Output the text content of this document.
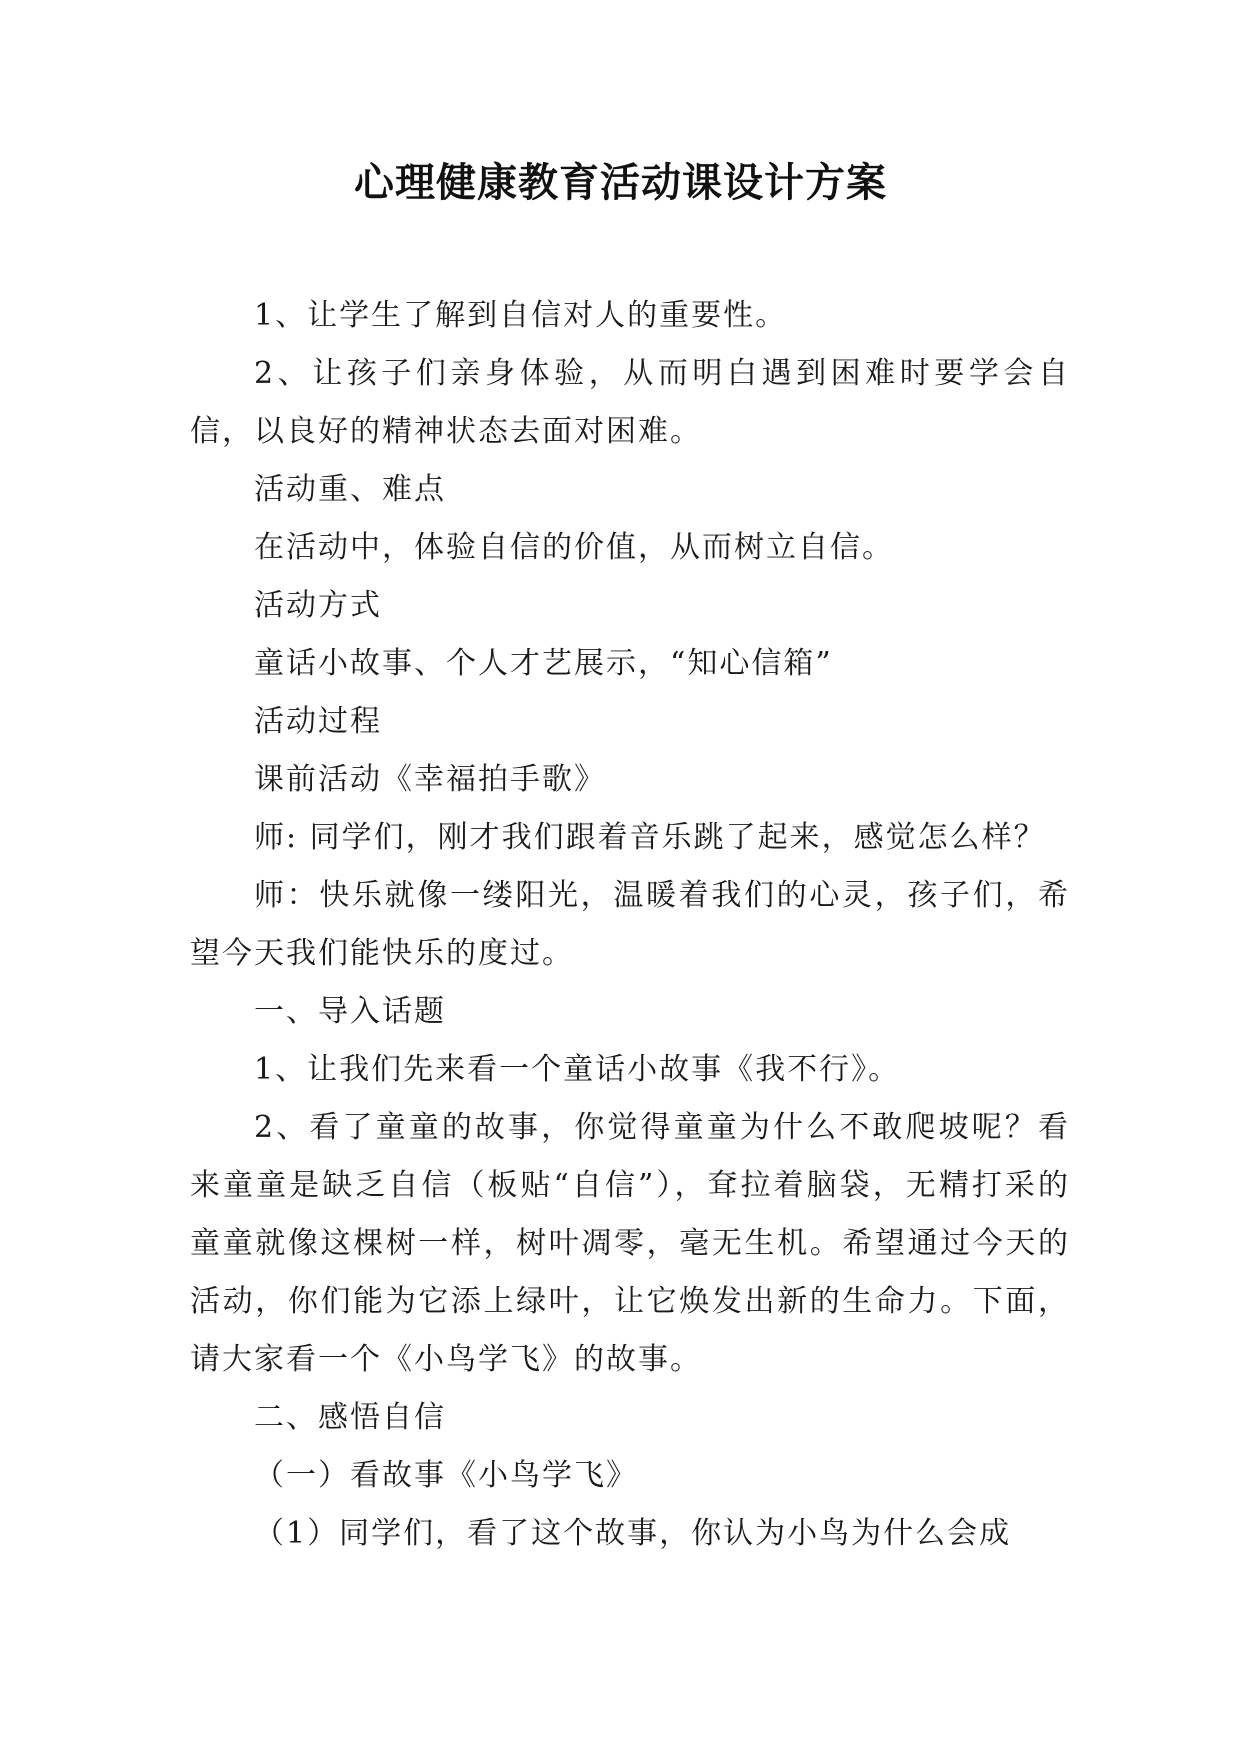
心理健康教育活动课设计方案

1、让学生了解到自信对人的重要性。

2、让孩子们亲身体验，从而明白遇到困难时要学会自信，以良好的精神状态去面对困难。

活动重、难点

在活动中，体验自信的价值，从而树立自信。

活动方式

童话小故事、个人才艺展示，“知心信箱”

活动过程

课前活动《幸福拍手歌》

师: 同学们，刚才我们跟着音乐跳了起来，感觉怎么样？

师：快乐就像一缕阳光，温暖着我们的心灵，孩子们，希望今天我们能快乐的度过。

一、导入话题

1、让我们先来看一个童话小故事《我不行》。

2、看了童童的故事，你觉得童童为什么不敢爬坡呢？看来童童是缺乏自信（板贴“自信”），耷拉着脑袋，无精打采的童童就像这棵树一样，树叶凋零，毫无生机。希望通过今天的活动，你们能为它添上绿叶，让它焕发出新的生命力。下面，请大家看一个《小鸟学飞》的故事。

二、感悟自信

（一）看故事《小鸟学飞》

（1）同学们，看了这个故事，你认为小鸟为什么会成
